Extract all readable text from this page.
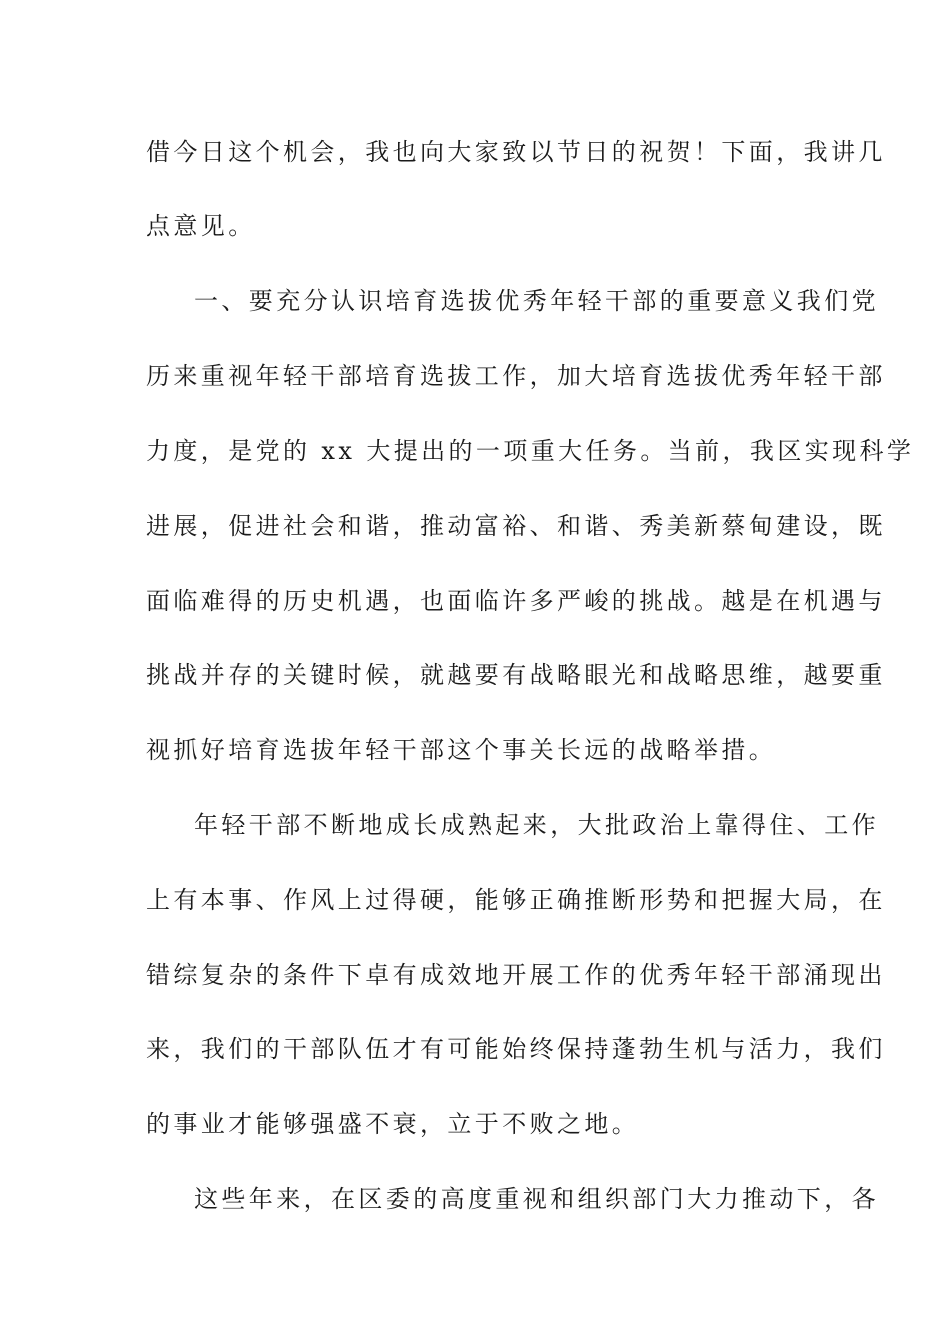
借今日这个机会，我也向大家致以节日的祝贺！下面，我讲几
点意见。
一、要充分认识培育选拔优秀年轻干部的重要意义我们党
历来重视年轻干部培育选拔工作，加大培育选拔优秀年轻干部
力度，是党的 xx 大提出的一项重大任务。当前，我区实现科学
进展，促进社会和谐，推动富裕、和谐、秀美新蔡甸建设，既
面临难得的历史机遇，也面临许多严峻的挑战。越是在机遇与
挑战并存的关键时候，就越要有战略眼光和战略思维，越要重
视抓好培育选拔年轻干部这个事关长远的战略举措。
年轻干部不断地成长成熟起来，大批政治上靠得住、工作
上有本事、作风上过得硬，能够正确推断形势和把握大局，在
错综复杂的条件下卓有成效地开展工作的优秀年轻干部涌现出
来，我们的干部队伍才有可能始终保持蓬勃生机与活力，我们
的事业才能够强盛不衰，立于不败之地。
这些年来，在区委的高度重视和组织部门大力推动下，各
